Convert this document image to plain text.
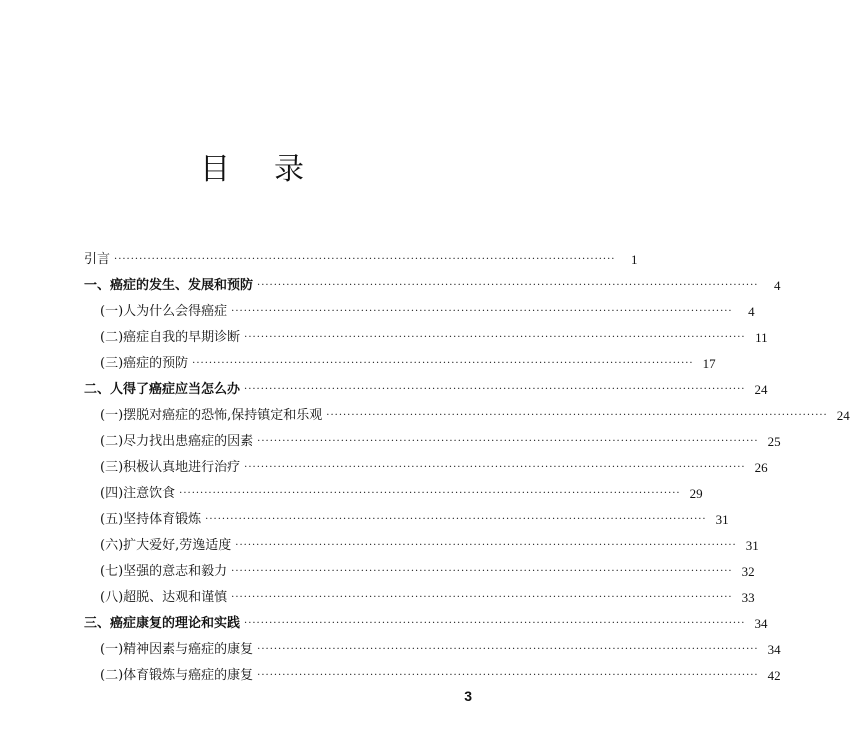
目录
引言 ························································································································	1
一、癌症的发生、发展和预防 ························································································································	4
(一)人为什么会得癌症 ························································································································	4
(二)癌症自我的早期诊断 ························································································································ 11
(三)癌症的预防 ························································································································ 17
二、人得了癌症应当怎么办 ························································································································ 24
(一)摆脱对癌症的恐怖,保持镇定和乐观 ························································································································ 24
(二)尽力找出患癌症的因素 ························································································································ 25
(三)积极认真地进行治疗 ························································································································ 26
(四)注意饮食 ························································································································ 29
(五)坚持体育锻炼 ························································································································ 31
(六)扩大爱好,劳逸适度 ························································································································ 31
(七)坚强的意志和毅力 ························································································································ 32
(八)超脱、达观和谨慎 ························································································································ 33
三、癌症康复的理论和实践 ························································································································ 34
(一)精神因素与癌症的康复 ························································································································ 34
(二)体育锻炼与癌症的康复 ························································································································ 42
3
